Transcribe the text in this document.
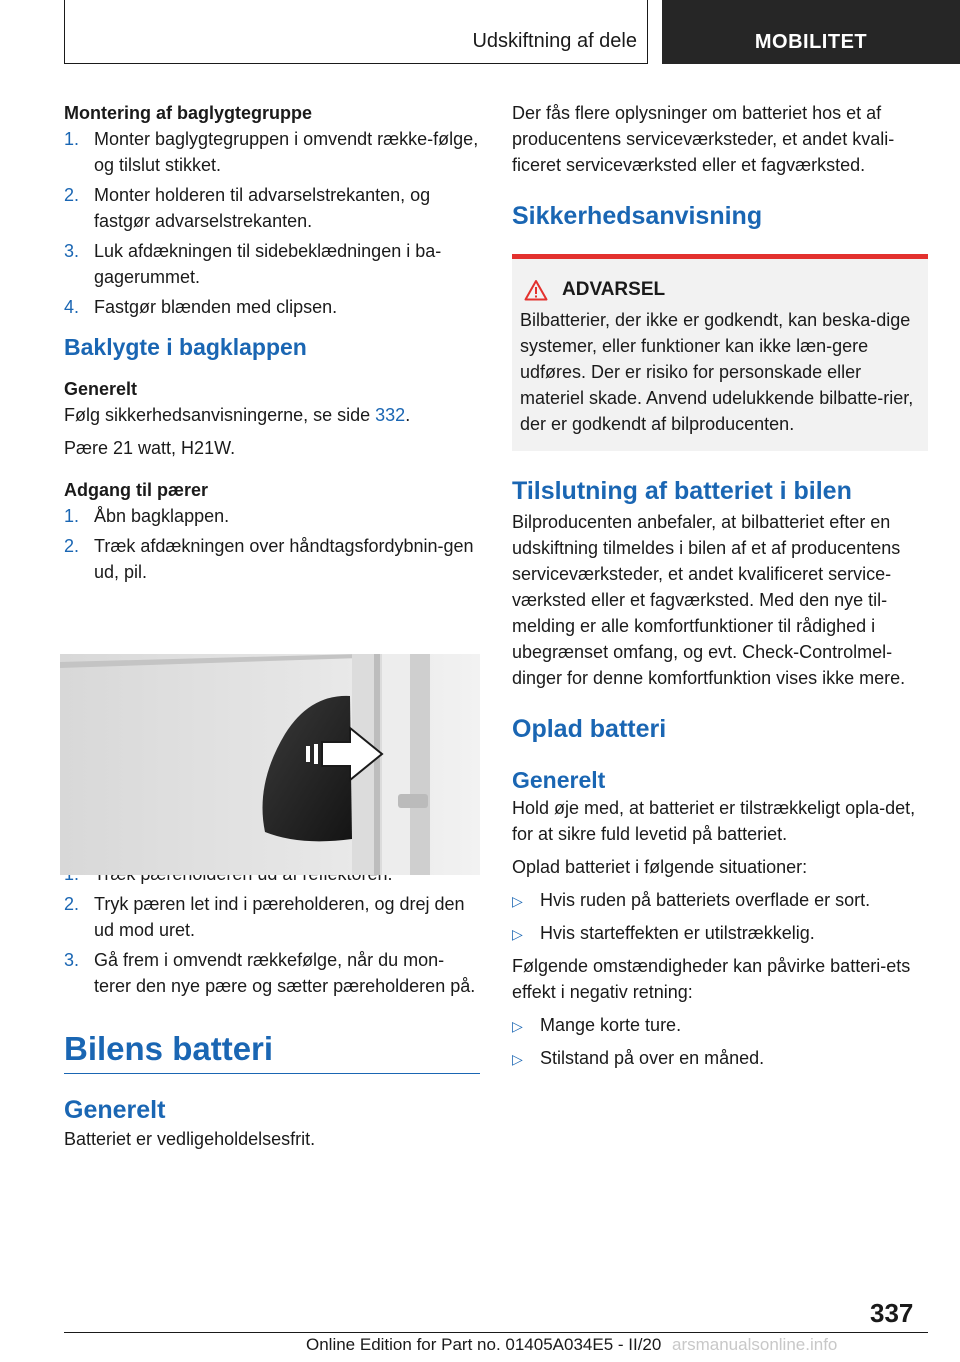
Udskiftning af dele	MOBILITET

Montering af baglygtegruppe

1. Monter baglygtegruppen i omvendt række-følge, og tilslut stikket.
2. Monter holderen til advarselstrekanten, og fastgør advarselstrekanten.
3. Luk afdækningen til sidebeklædningen i ba-gagerummet.
4. Fastgør blænden med clipsen.
Baklygte i bagklappen

Generelt

Følg sikkerhedsanvisningerne, se side 332.

Pære 21 watt, H21W.

Adgang til pærer

1. Åbn bagklappen.
2. Træk afdækningen over håndtagsfordybnin-gen ud, pil.

2. Tryk pæren let ind i pæreholderen, og drej den ud mod uret.
3. Gå frem i omvendt rækkefølge, når du mon-terer den nye pære og sætter pæreholderen på.
Bilens batteri
Generelt

Batteriet er vedligeholdelsesfrit.

Der fås flere oplysninger om batteriet hos et af producentens serviceværksteder, et andet kvali-ficeret serviceværksted eller et fagværksted.

Sikkerhedsanvisning
ADVARSEL

Bilbatterier, der ikke er godkendt, kan beska-dige systemer, eller funktioner kan ikke læn-gere udføres. Der er risiko for personskade eller materiel skade. Anvend udelukkende bilbatte-rier, der er godkendt af bilproducenten.

Tilslutning af batteriet i bilen

Bilproducenten anbefaler, at bilbatteriet efter en udskiftning tilmeldes i bilen af et af producentens serviceværksteder, et andet kvalificeret service-værksted eller et fagværksted. Med den nye til-melding er alle komfortfunktioner til rådighed i ubegrænset omfang, og evt. Check-Controlmel-dinger for denne komfortfunktion vises ikke mere.

Oplad batteri
Generelt

Hold øje med, at batteriet er tilstrækkeligt opla-det, for at sikre fuld levetid på batteriet.

Oplad batteriet i følgende situationer:

▷ Hvis ruden på batteriets overflade er sort.
▷ Hvis starteffekten er utilstrækkelig.

Følgende omstændigheder kan påvirke batteri-ets effekt i negativ retning:

▷ Mange korte ture.
▷ Stilstand på over en måned.
337
Online Edition for Part no. 01405A034E5 - II/20 arsmanualsonline.info
